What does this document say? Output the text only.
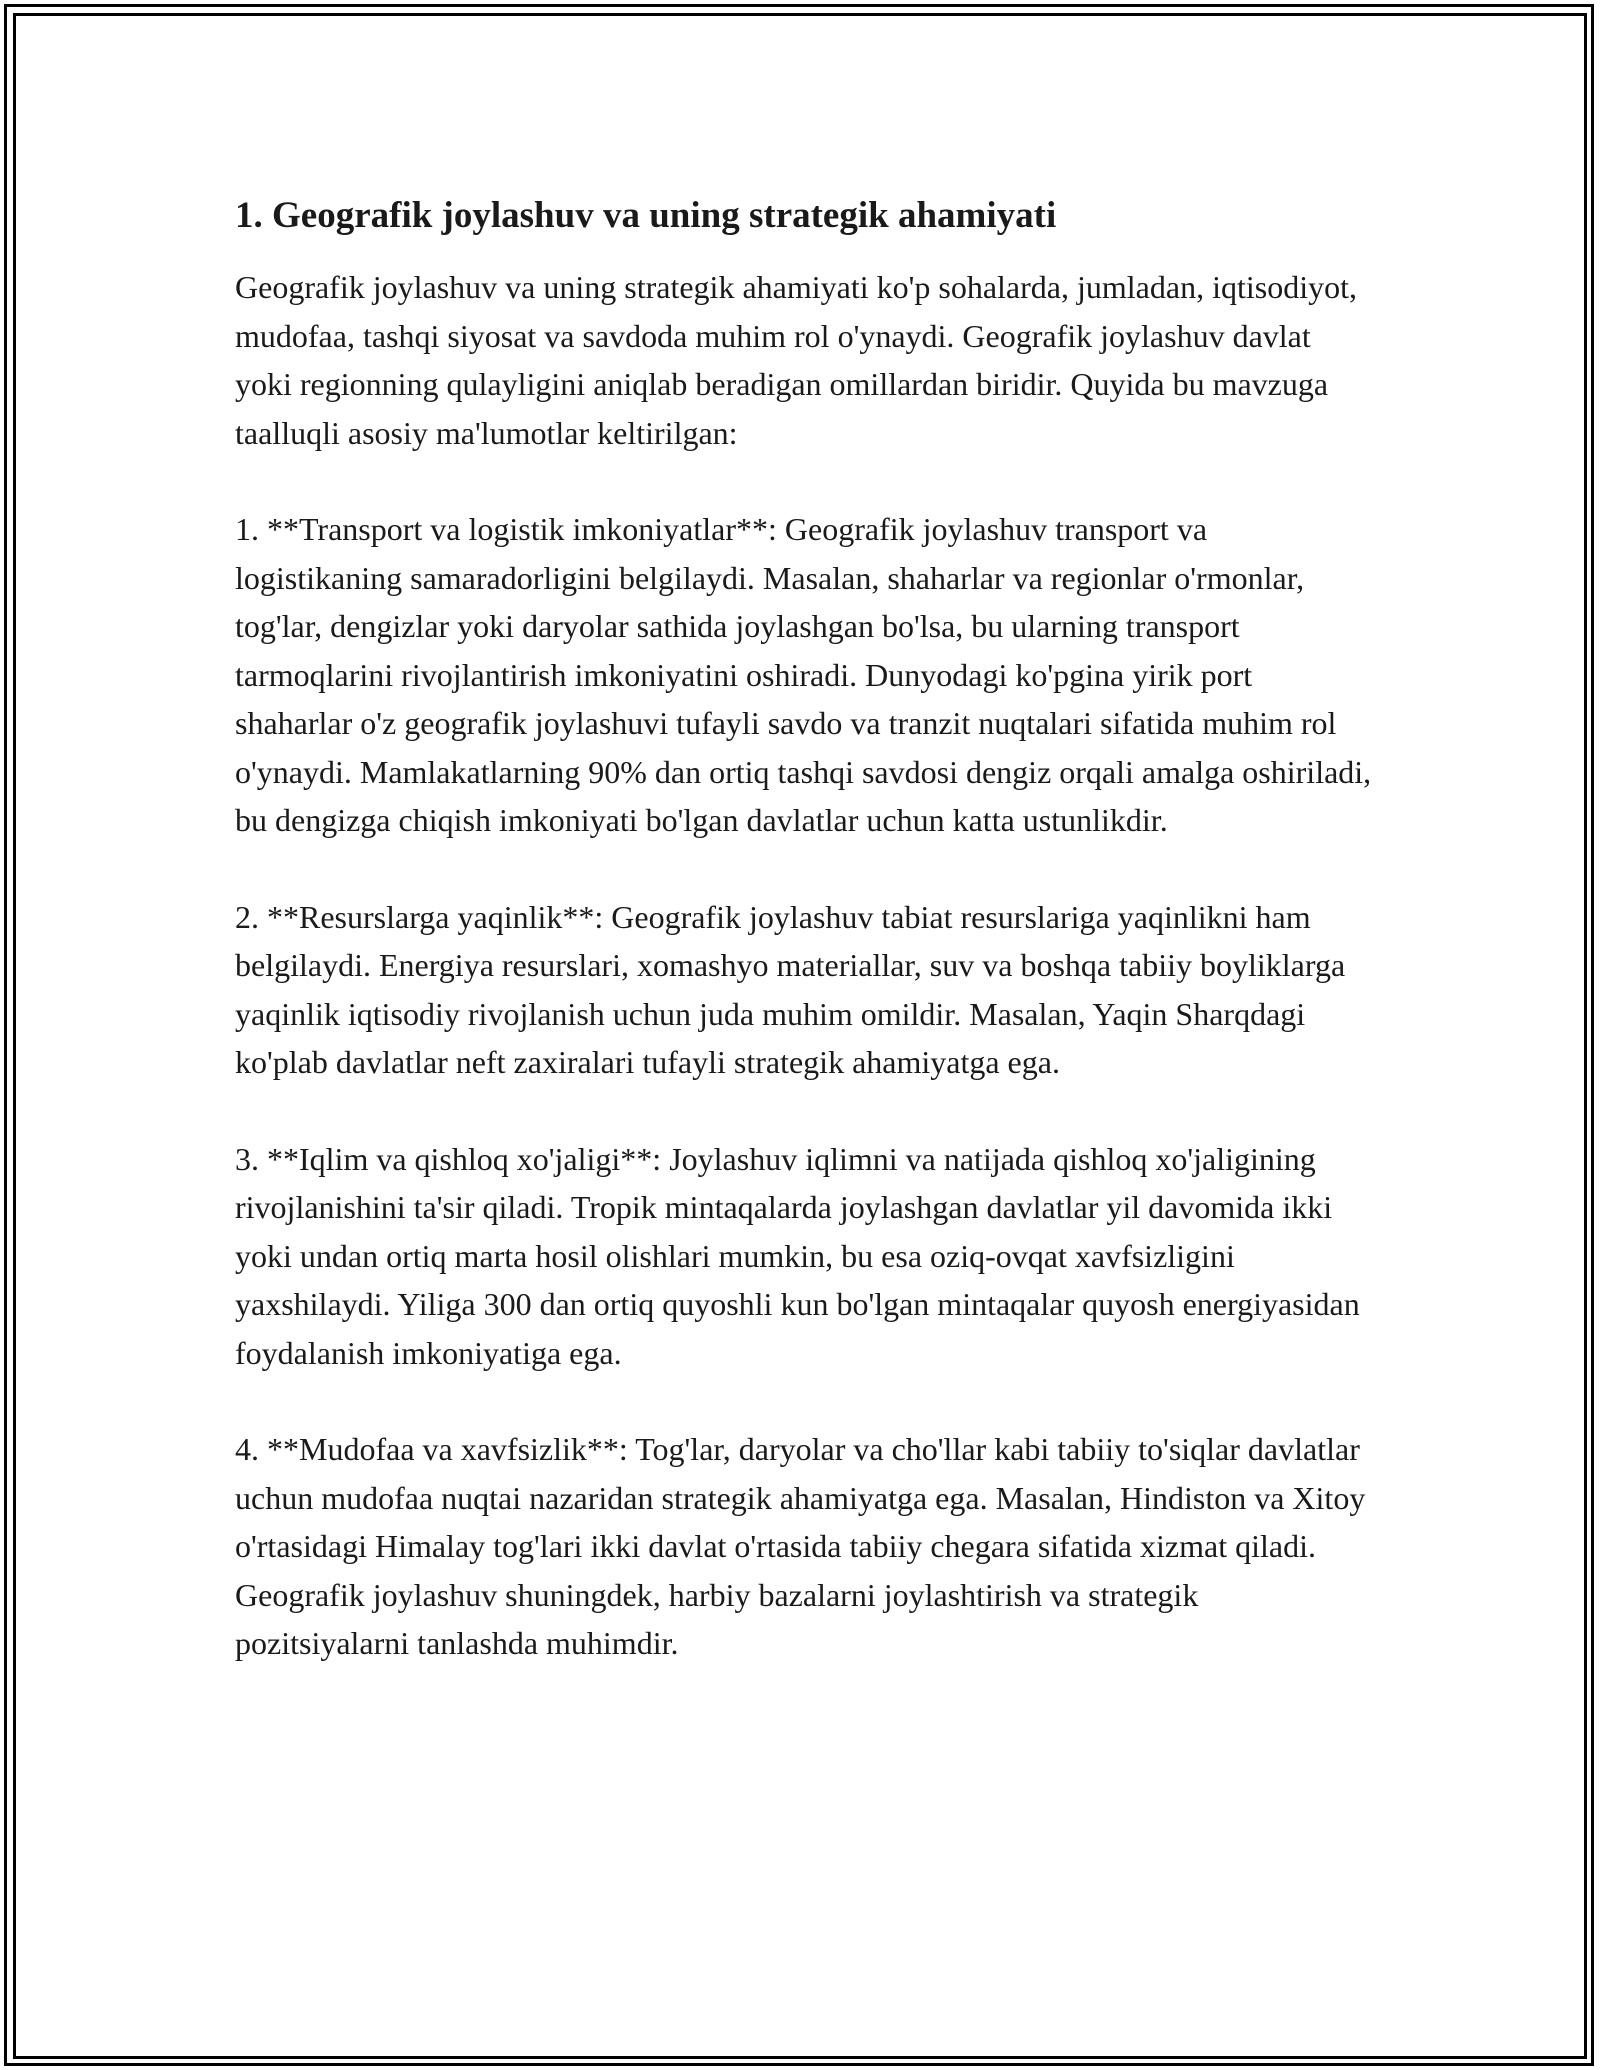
1. Geografik joylashuv va uning strategik ahamiyati

Geografik joylashuv va uning strategik ahamiyati ko'p sohalarda, jumladan, iqtisodiyot, mudofaa, tashqi siyosat va savdoda muhim rol o'ynaydi. Geografik joylashuv davlat yoki regionning qulayligini aniqlab beradigan omillardan biridir. Quyida bu mavzuga taalluqli asosiy ma'lumotlar keltirilgan:

1. **Transport va logistik imkoniyatlar**: Geografik joylashuv transport va logistikaning samaradorligini belgilaydi. Masalan, shaharlar va regionlar o'rmonlar, tog'lar, dengizlar yoki daryolar sathida joylashgan bo'lsa, bu ularning transport tarmoqlarini rivojlantirish imkoniyatini oshiradi. Dunyodagi ko'pgina yirik port shaharlar o'z geografik joylashuvi tufayli savdo va tranzit nuqtalari sifatida muhim rol o'ynaydi. Mamlakatlarning 90% dan ortiq tashqi savdosi dengiz orqali amalga oshiriladi, bu dengizga chiqish imkoniyati bo'lgan davlatlar uchun katta ustunlikdir.

2. **Resurslarga yaqinlik**: Geografik joylashuv tabiat resurslariga yaqinlikni ham belgilaydi. Energiya resurslari, xomashyo materiallar, suv va boshqa tabiiy boyliklarga yaqinlik iqtisodiy rivojlanish uchun juda muhim omildir. Masalan, Yaqin Sharqdagi ko'plab davlatlar neft zaxiralari tufayli strategik ahamiyatga ega.

3. **Iqlim va qishloq xo'jaligi**: Joylashuv iqlimni va natijada qishloq xo'jaligining rivojlanishini ta'sir qiladi. Tropik mintaqalarda joylashgan davlatlar yil davomida ikki yoki undan ortiq marta hosil olishlari mumkin, bu esa oziq-ovqat xavfsizligini yaxshilaydi. Yiliga 300 dan ortiq quyoshli kun bo'lgan mintaqalar quyosh energiyasidan foydalanish imkoniyatiga ega.

4. **Mudofaa va xavfsizlik**: Tog'lar, daryolar va cho'llar kabi tabiiy to'siqlar davlatlar uchun mudofaa nuqtai nazaridan strategik ahamiyatga ega. Masalan, Hindiston va Xitoy o'rtasidagi Himalay tog'lari ikki davlat o'rtasida tabiiy chegara sifatida xizmat qiladi. Geografik joylashuv shuningdek, harbiy bazalarni joylashtirish va strategik pozitsiyalarni tanlashda muhimdir.
